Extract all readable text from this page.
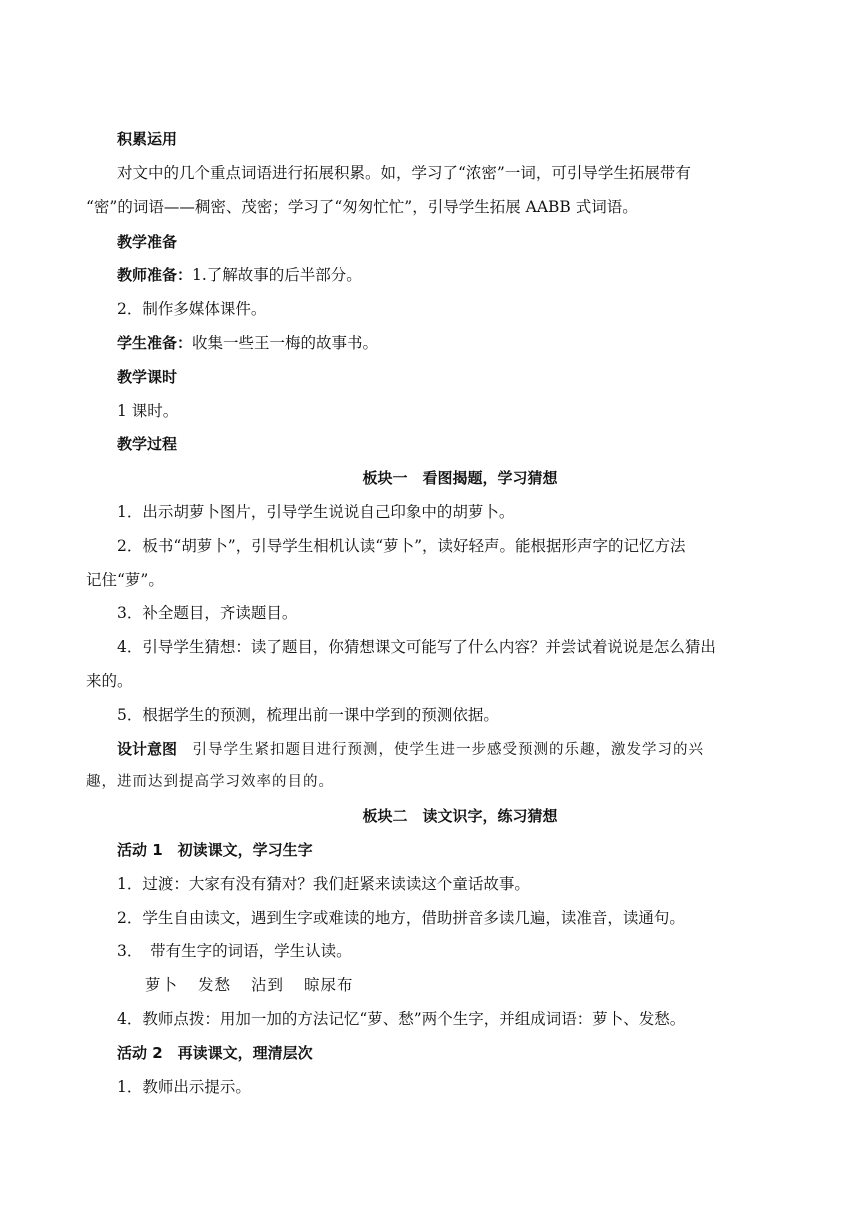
积累运用
对文中的几个重点词语进行拓展积累。如，学习了“浓密”一词，可引导学生拓展带有
“密”的词语——稠密、茂密；学习了“匆匆忙忙”，引导学生拓展 AABB 式词语。
教学准备
教师准备：1.了解故事的后半部分。
2．制作多媒体课件。
学生准备：收集一些王一梅的故事书。
教学课时
1 课时。
教学过程
板块一　看图揭题，学习猜想
1．出示胡萝卜图片，引导学生说说自己印象中的胡萝卜。
2．板书“胡萝卜”，引导学生相机认读“萝卜”，读好轻声。能根据形声字的记忆方法
记住“萝”。
3．补全题目，齐读题目。
4．引导学生猜想：读了题目，你猜想课文可能写了什么内容？并尝试着说说是怎么猜出
来的。
5．根据学生的预测，梳理出前一课中学到的预测依据。
设计意图　引导学生紧扣题目进行预测，使学生进一步感受预测的乐趣，激发学习的兴
趣，进而达到提高学习效率的目的。
板块二　读文识字，练习猜想
活动 1　初读课文，学习生字
1．过渡：大家有没有猜对？我们赶紧来读读这个童话故事。
2．学生自由读文，遇到生字或难读的地方，借助拼音多读几遍，读准音，读通句。
3．　带有生字的词语，学生认读。
萝卜 发愁 沾到 晾尿布
4．教师点拨：用加一加的方法记忆“萝、愁”两个生字，并组成词语：萝卜、发愁。
活动 2　再读课文，理清层次
1．教师出示提示。
